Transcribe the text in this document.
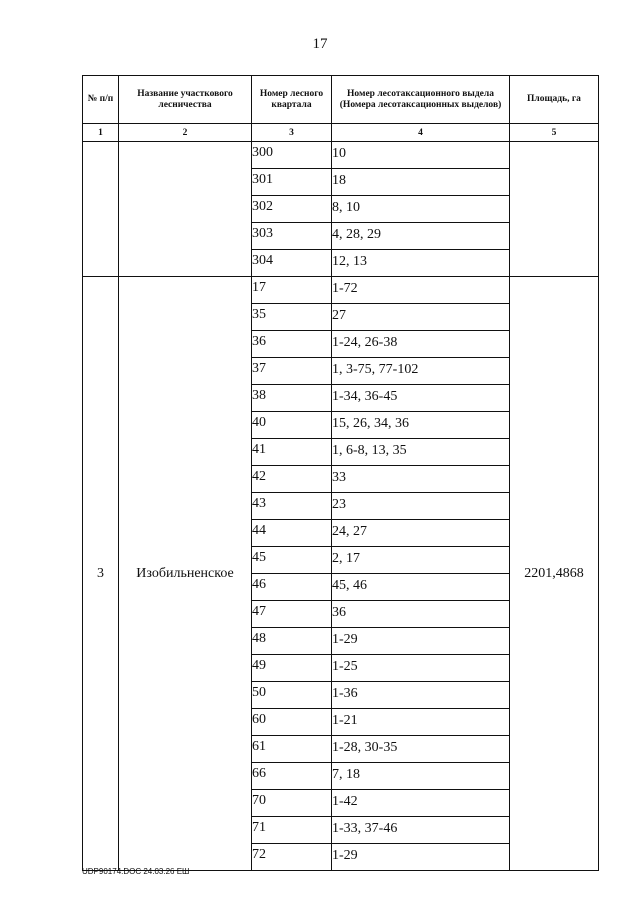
17
№ п/п	Название участкового лесничества	Номер лесного квартала	Номер лесотаксационного выдела (Номера лесотаксационных выделов)	Площадь, га
1	2	3	4	5
		300	10	
		301	18	
		302	8, 10	
		303	4, 28, 29	
		304	12, 13	
3	Изобильненское	17	1-72	2201,4868
		35	27	
		36	1-24, 26-38	
		37	1, 3-75, 77-102	
		38	1-34, 36-45	
		40	15, 26, 34, 36	
		41	1, 6-8, 13, 35	
		42	33	
		43	23	
		44	24, 27	
		45	2, 17	
		46	45, 46	
		47	36	
		48	1-29	
		49	1-25	
		50	1-36	
		60	1-21	
		61	1-28, 30-35	
		66	7, 18	
		70	1-42	
		71	1-33, 37-46	
		72	1-29	
UDP90174.DOC 24.03.26 ЕШ
